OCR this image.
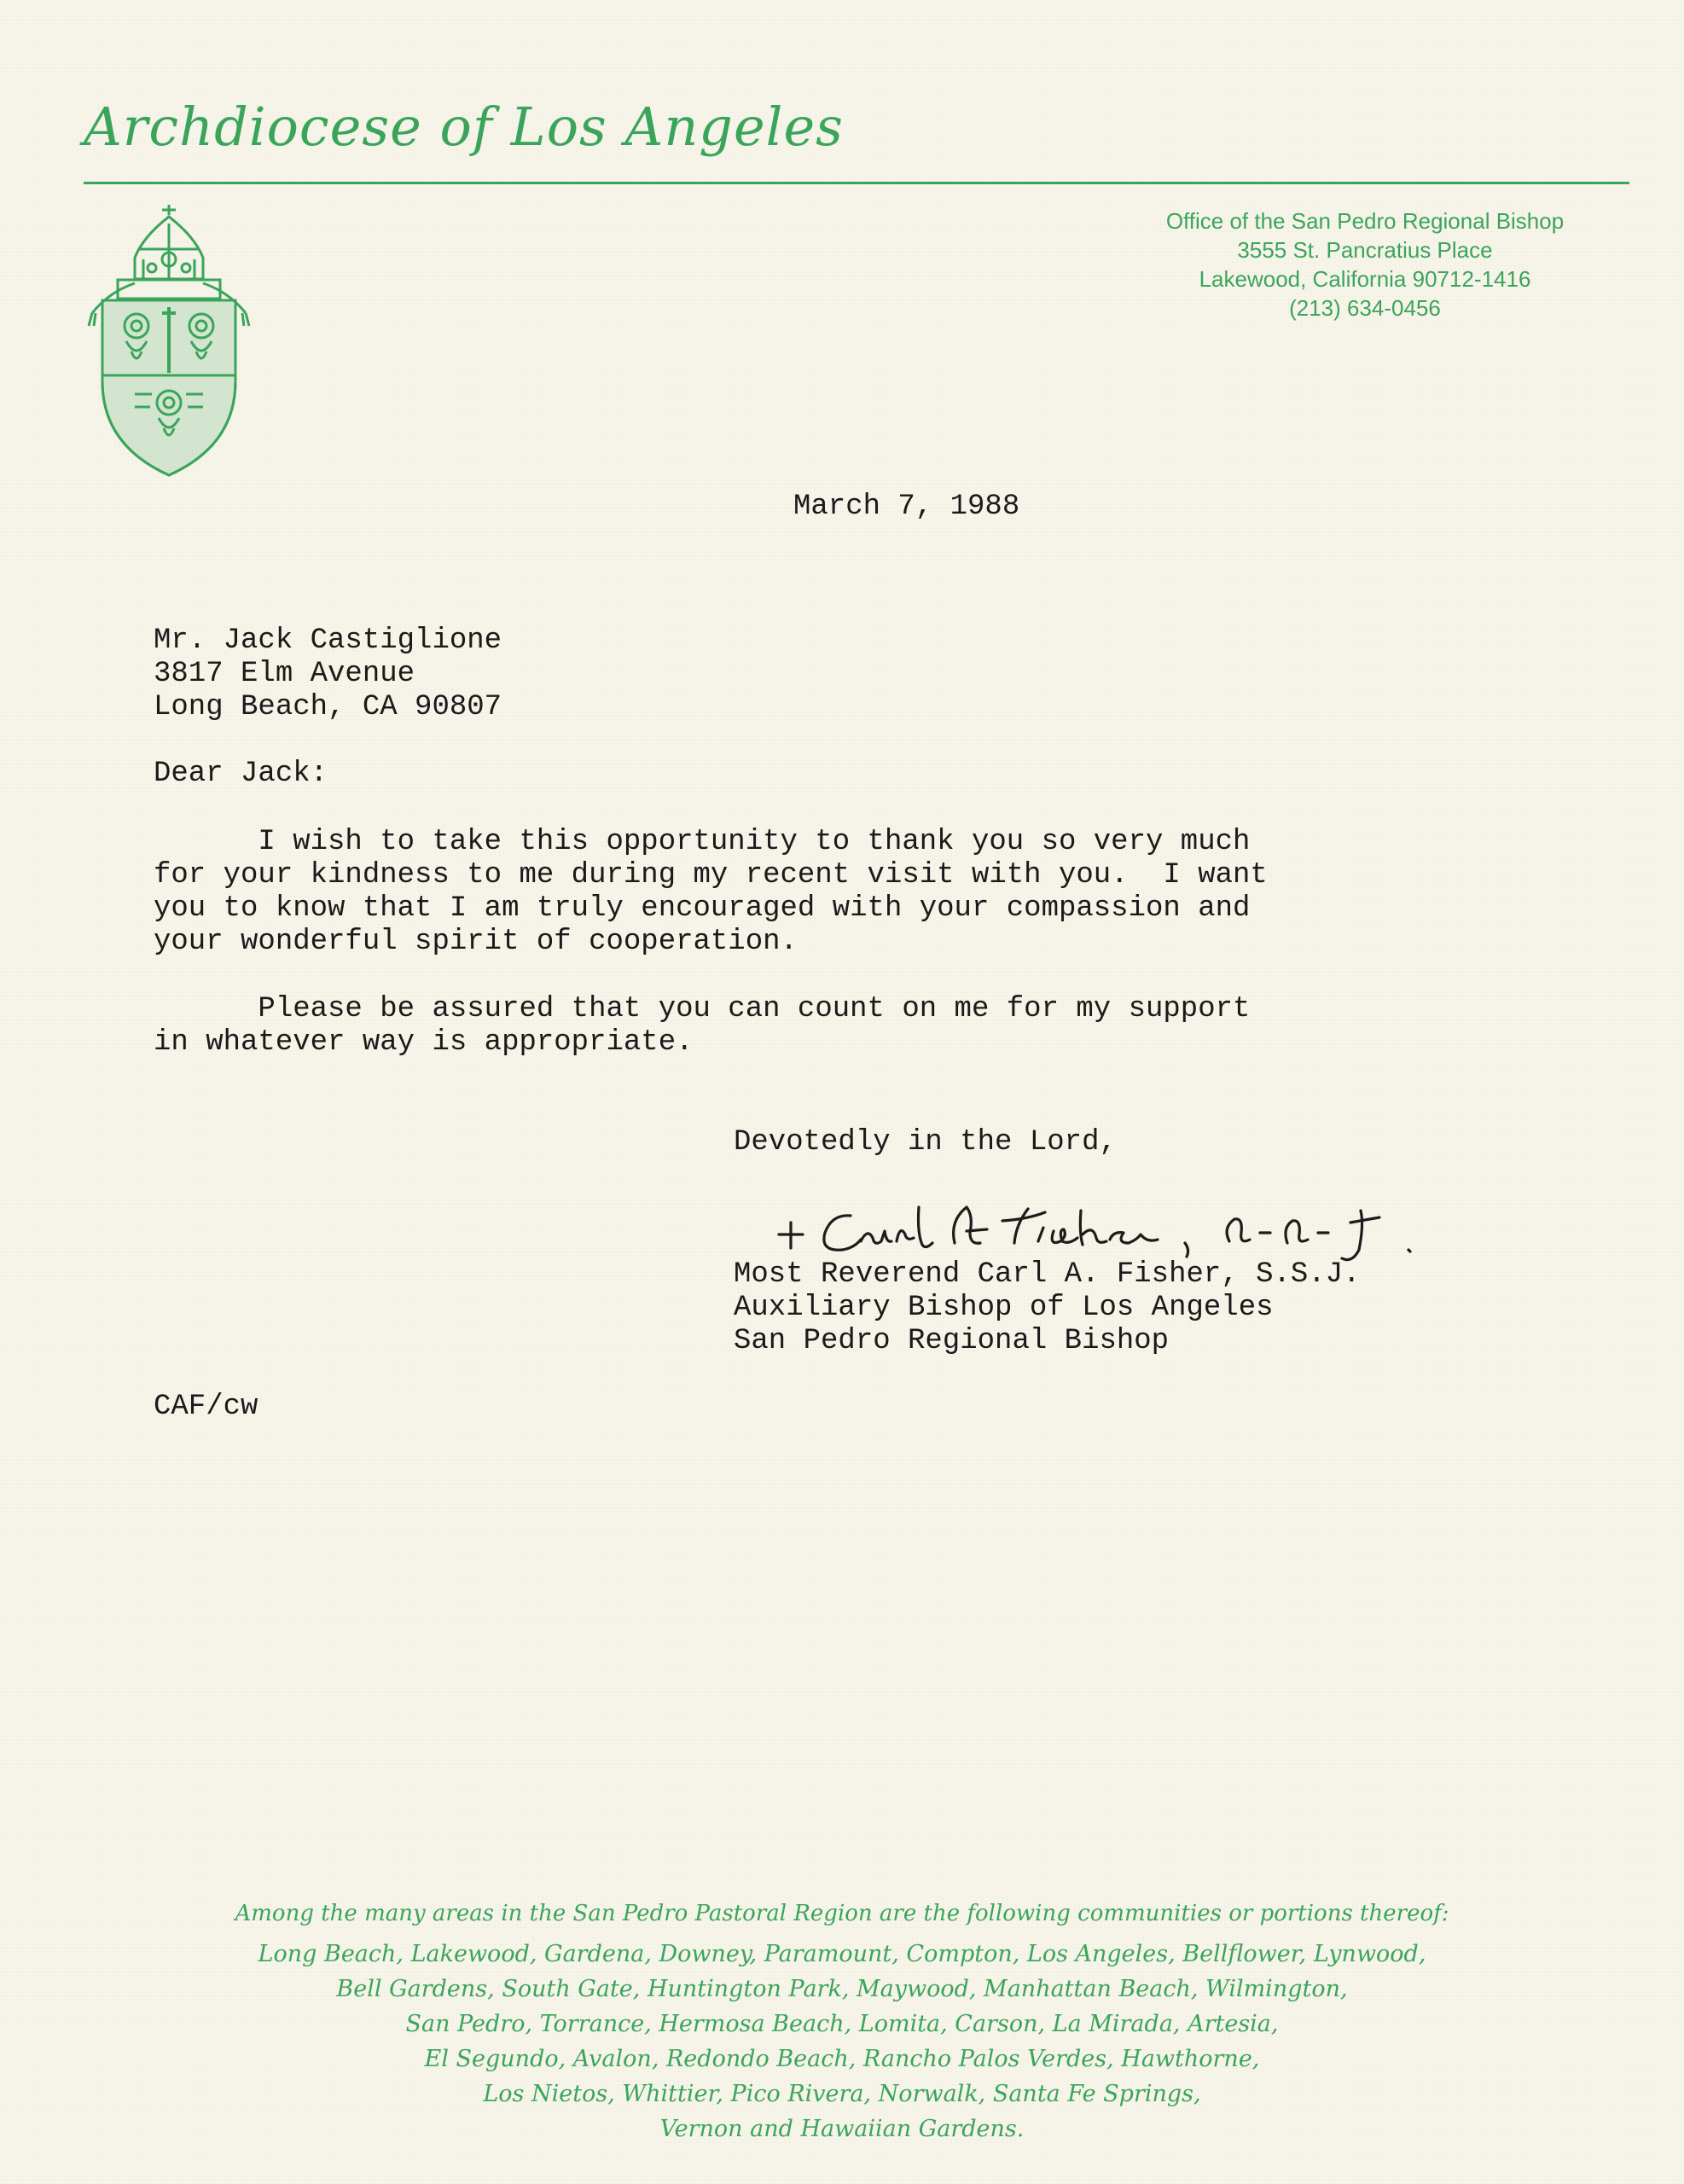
Archdiocese of Los Angeles
Office of the San Pedro Regional Bishop
3555 St. Pancratius Place
Lakewood, California 90712-1416
(213) 634-0456
March 7, 1988
Mr. Jack Castiglione
3817 Elm Avenue
Long Beach, CA 90807
Dear Jack:
I wish to take this opportunity to thank you so very much
for your kindness to me during my recent visit with you.  I want
you to know that I am truly encouraged with your compassion and
your wonderful spirit of cooperation.
Please be assured that you can count on me for my support
in whatever way is appropriate.
Devotedly in the Lord,
Most Reverend Carl A. Fisher, S.S.J.
Auxiliary Bishop of Los Angeles
San Pedro Regional Bishop
CAF/cw
Among the many areas in the San Pedro Pastoral Region are the following communities or portions thereof:
Long Beach, Lakewood, Gardena, Downey, Paramount, Compton, Los Angeles, Bellflower, Lynwood,
Bell Gardens, South Gate, Huntington Park, Maywood, Manhattan Beach, Wilmington,
San Pedro, Torrance, Hermosa Beach, Lomita, Carson, La Mirada, Artesia,
El Segundo, Avalon, Redondo Beach, Rancho Palos Verdes, Hawthorne,
Los Nietos, Whittier, Pico Rivera, Norwalk, Santa Fe Springs,
Vernon and Hawaiian Gardens.
